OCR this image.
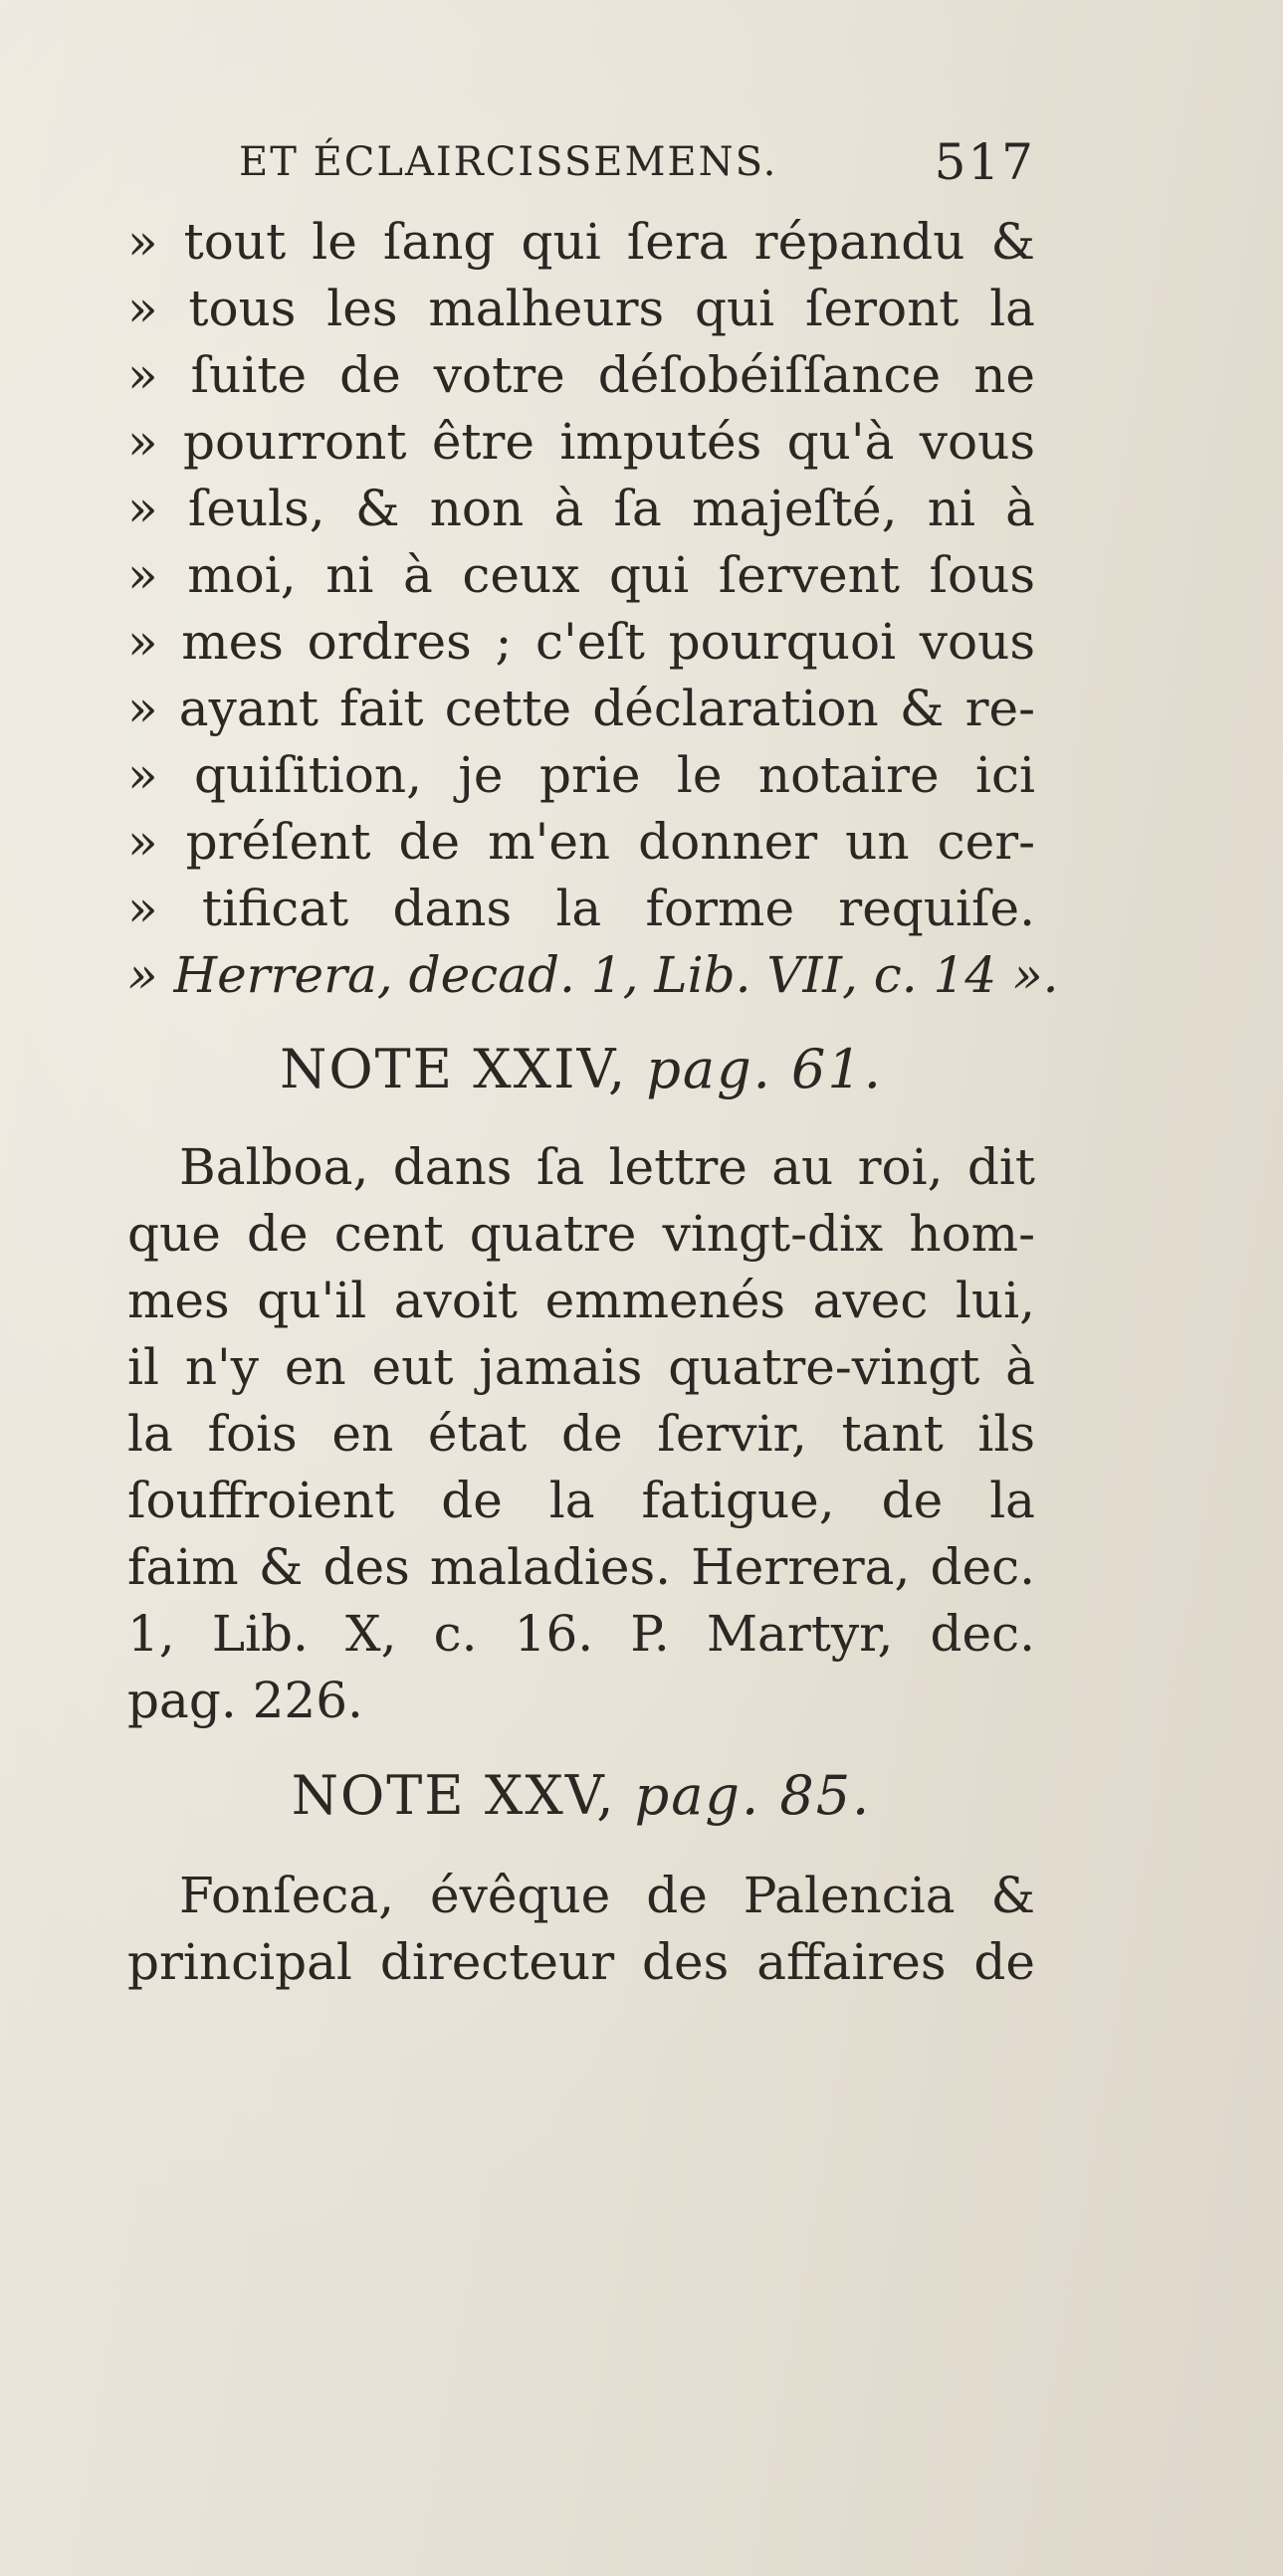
ET ÉCLAIRCISSEMENS.	517
» tout le ſang qui ſera répandu &
» tous les malheurs qui ſeront la
» ſuite de votre déſobéiſſance ne
» pourront être imputés qu'à vous
» ſeuls, & non à ſa majeſté, ni à
» moi, ni à ceux qui ſervent ſous
» mes ordres ; c'eſt pourquoi vous
» ayant fait cette déclaration & re-
» quiſition, je prie le notaire ici
» préſent de m'en donner un cer-
» tificat dans la forme requiſe.
» Herrera, decad. 1, Lib. VII, c. 14 ».
NOTE XXIV, pag. 61.
Balboa, dans ſa lettre au roi, dit
que de cent quatre vingt-dix hom-
mes qu'il avoit emmenés avec lui,
il n'y en eut jamais quatre-vingt à
la fois en état de ſervir, tant ils
ſouffroient de la fatigue, de la
faim & des maladies. Herrera, dec.
1, Lib. X, c. 16. P. Martyr, dec.
pag. 226.
NOTE XXV, pag. 85.
Fonſeca, évêque de Palencia &
principal directeur des affaires de
